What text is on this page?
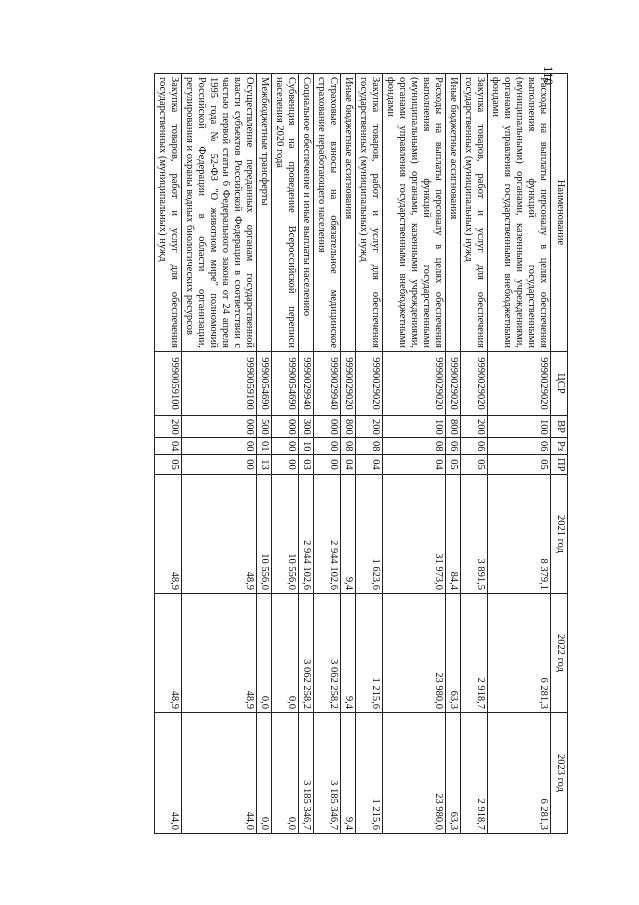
110
Наименование	ЦСР	ВР	Рз	ПР	2021 год	2022 год	2023 год
Расходы на выплаты персоналу в целях обеспечения выполнения функций государственными (муниципальными) органами, казенными учреждениями, органами управления государственными внебюджетными фондами	9990029020	100	06	05	8 379,1	6 281,3	6 281,3
Закупка товаров, работ и услуг для обеспечения государственных (муниципальных) нужд	9990029020	200	06	05	3 891,5	2 918,7	2 918,7
Иные бюджетные ассигнования	9990029020	800	06	05	84,4	63,3	63,3
Расходы на выплаты персоналу в целях обеспечения выполнения функций государственными (муниципальными) органами, казенными учреждениями, органами управления государственными внебюджетными фондами	9990029020	100	08	04	31 973,0	23 980,0	23 980,0
Закупка товаров, работ и услуг для обеспечения государственных (муниципальных) нужд	9990029020	200	08	04	1 623,6	1 215,6	1 215,6
Иные бюджетные ассигнования	9990029020	800	08	04	9,4	9,4	9,4
Страховые взносы на обязательное медицинское страхование неработающего населения	9990029940	000	00	00	2 944 102,6	3 062 258,2	3 185 346,7
Социальное обеспечение и иные выплаты населению	9990029940	300	10	03	2 944 102,6	3 062 258,2	3 185 346,7
Субвенция на проведение Всероссийской переписи населения 2020 года	9990054690	000	00	00	10 556,0	0,0	0,0
Межбюджетные трансферты	9990054690	500	01	13	10 556,0	0,0	0,0
Осуществление переданных органам государственной власти субъектов Российской Федерации в соответствии с частью первой статьи 6 Федерального закона от 24 апреля 1995 года № 52-ФЗ "О животном мире" полномочий Российской Федерации в области организации, регулирования и охраны водных биологических ресурсов	9990059100	000	00	00	48,9	48,9	44,0
Закупка товаров, работ и услуг для обеспечения государственных (муниципальных) нужд	9990059100	200	04	05	48,9	48,9	44,0
